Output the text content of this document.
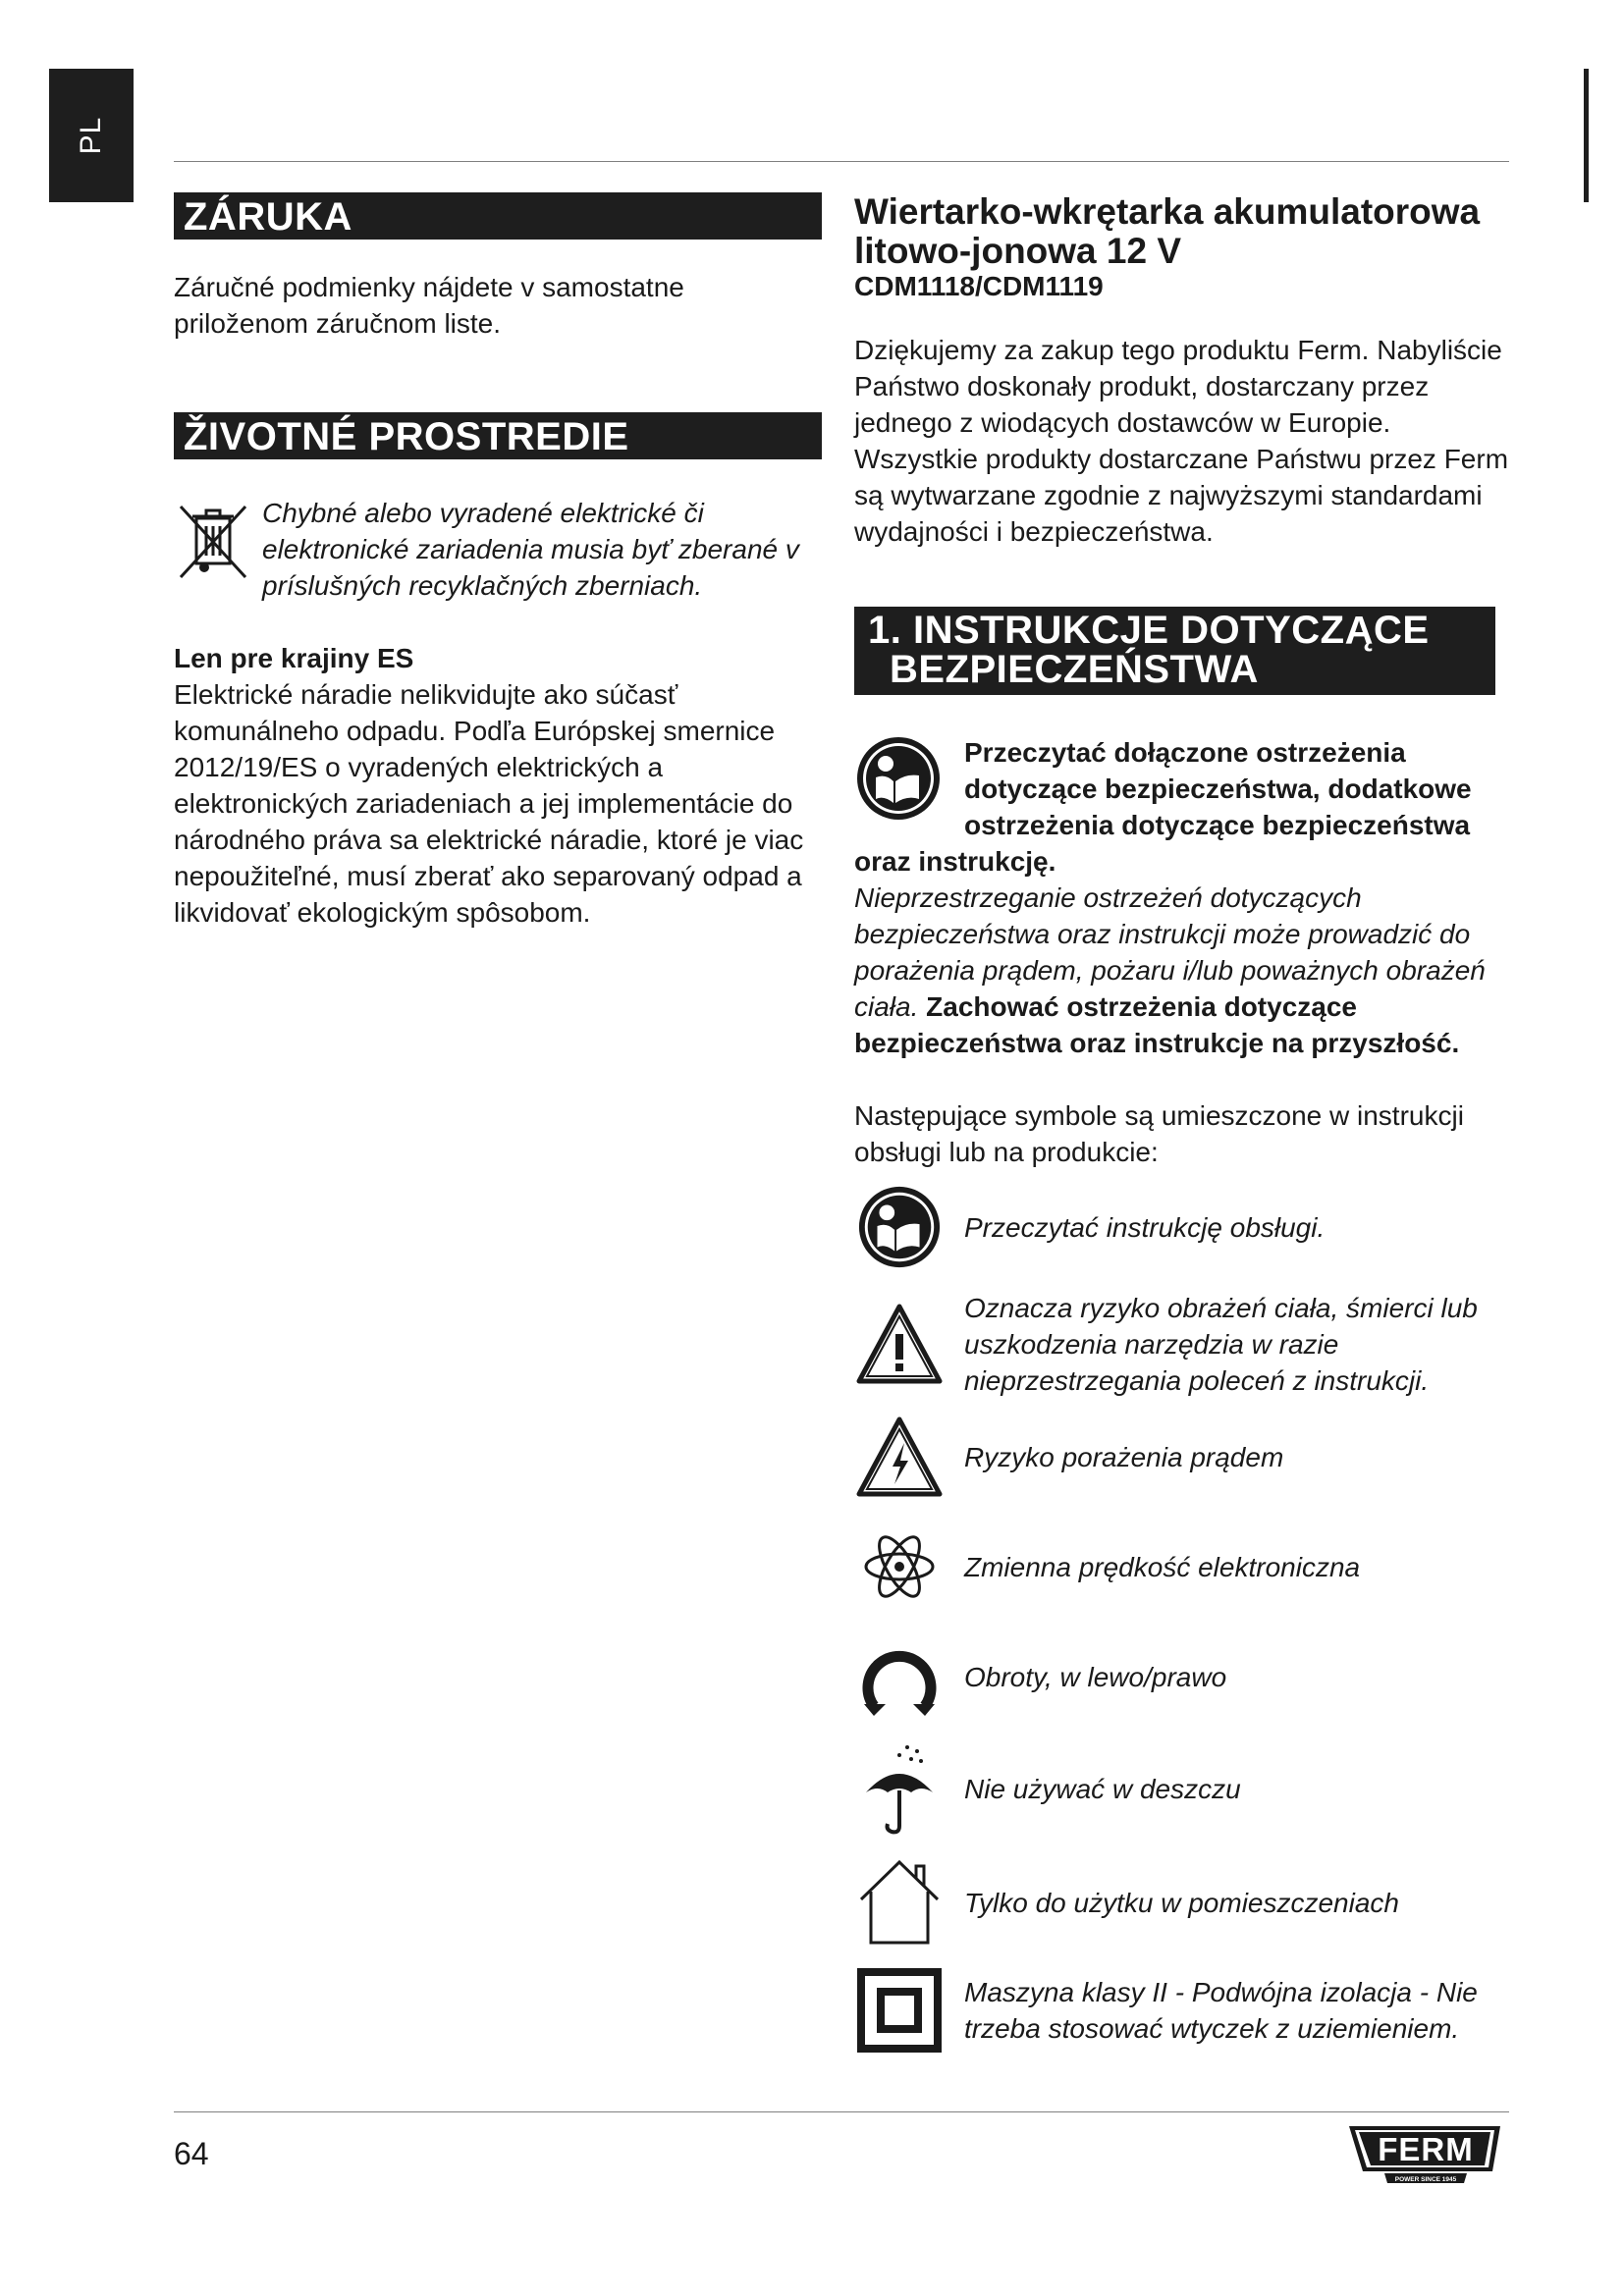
PL
ZÁRUKA

Záručné podmienky nájdete v samostatne priloženom záručnom liste.

ŽIVOTNÉ PROSTREDIE

Chybné alebo vyradené elektrické či elektronické zariadenia musia byť zberané v príslušných recyklačných zberniach.

Len pre krajiny ES

Elektrické náradie nelikvidujte ako súčasť komunálneho odpadu. Podľa Európskej smernice 2012/19/ES o vyradených elektrických a elektronických zariadeniach a jej implementácie do národného práva sa elektrické náradie, ktoré je viac nepoužiteľné, musí zberať ako separovaný odpad a likvidovať ekologickým spôsobom.

Wiertarko-wkrętarka akumulatorowa litowo-jonowa 12 V

CDM1118/CDM1119

Dziękujemy za zakup tego produktu Ferm. Nabyliście Państwo doskonały produkt, dostarczany przez jednego z wiodących dostawców w Europie. Wszystkie produkty dostarczane Państwu przez Ferm są wytwarzane zgodnie z najwyższymi standardami wydajności i bezpieczeństwa.

1. INSTRUKCJE DOTYCZĄCE
BEZPIECZEŃSTWA

Przeczytać dołączone ostrzeżenia dotyczące bezpieczeństwa, dodatkowe ostrzeżenia dotyczące bezpieczeństwa oraz instrukcję.

Nieprzestrzeganie ostrzeżeń dotyczących bezpieczeństwa oraz instrukcji może prowadzić do porażenia prądem, pożaru i/lub poważnych obrażeń ciała. Zachować ostrzeżenia dotyczące bezpieczeństwa oraz instrukcje na przyszłość.

Następujące symbole są umieszczone w instrukcji obsługi lub na produkcie:

Przeczytać instrukcję obsługi.
Oznacza ryzyko obrażeń ciała, śmierci lub uszkodzenia narzędzia w razie nieprzestrzegania poleceń z instrukcji.
Ryzyko porażenia prądem
Zmienna prędkość elektroniczna
Obroty, w lewo/prawo
Nie używać w deszczu
Tylko do użytku w pomieszczeniach
Maszyna klasy II - Podwójna izolacja - Nie trzeba stosować wtyczek z uziemieniem.
64	FERM
POWER SINCE 1945
